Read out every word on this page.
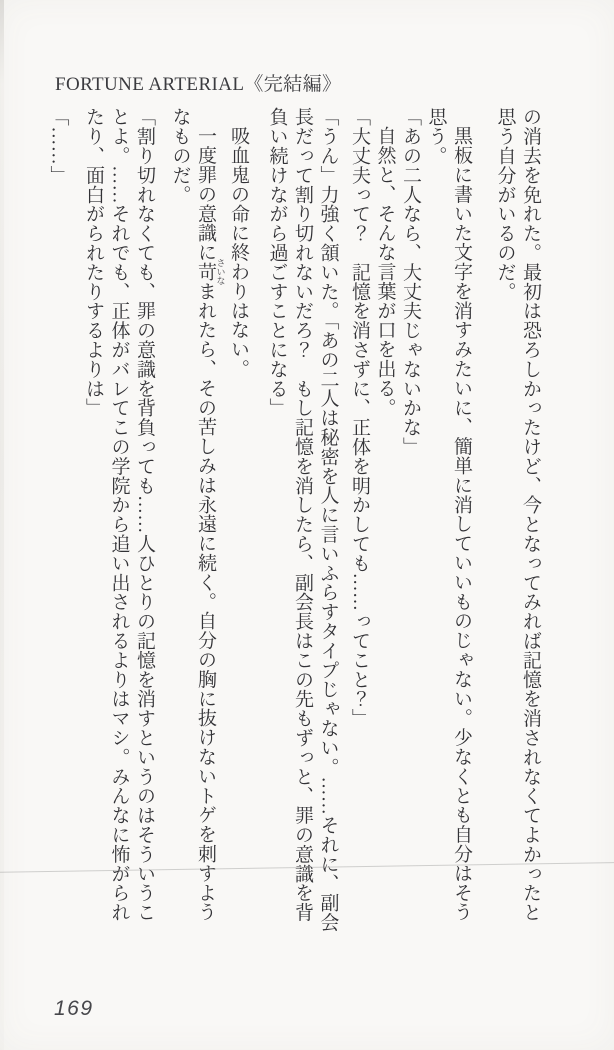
FORTUNE ARTERIAL《完結編》

の消去を免れた。最初は恐ろしかったけど、今となってみれば記憶を消されなくてよかったと

思う自分がいるのだ。

黒板に書いた文字を消すみたいに、簡単に消していいものじゃない。少なくとも自分はそう

思う。

「あの二人なら、大丈夫じゃないかな」

自然と、そんな言葉が口を出る。

「大丈夫って？　記憶を消さずに、正体を明かしても……ってこと？」

「うん」力強く頷いた。「あの二人は秘密を人に言いふらすタイプじゃない。……それに、副会

長だって割り切れないだろ？　もし記憶を消したら、副会長はこの先もずっと、罪の意識を背

負い続けながら過ごすことになる」

吸血鬼の命に終わりはない。

一度罪の意識に苛 さいなまれたら、その苦しみは永遠に続く。自分の胸に抜けないトゲを刺すよう

なものだ。

「割り切れなくても、罪の意識を背負っても……人ひとりの記憶を消すというのはそういうこ

とよ。……それでも、正体がバレてこの学院から追い出されるよりはマシ。みんなに怖がられ

たり、面白がられたりするよりは」

「……」

169
